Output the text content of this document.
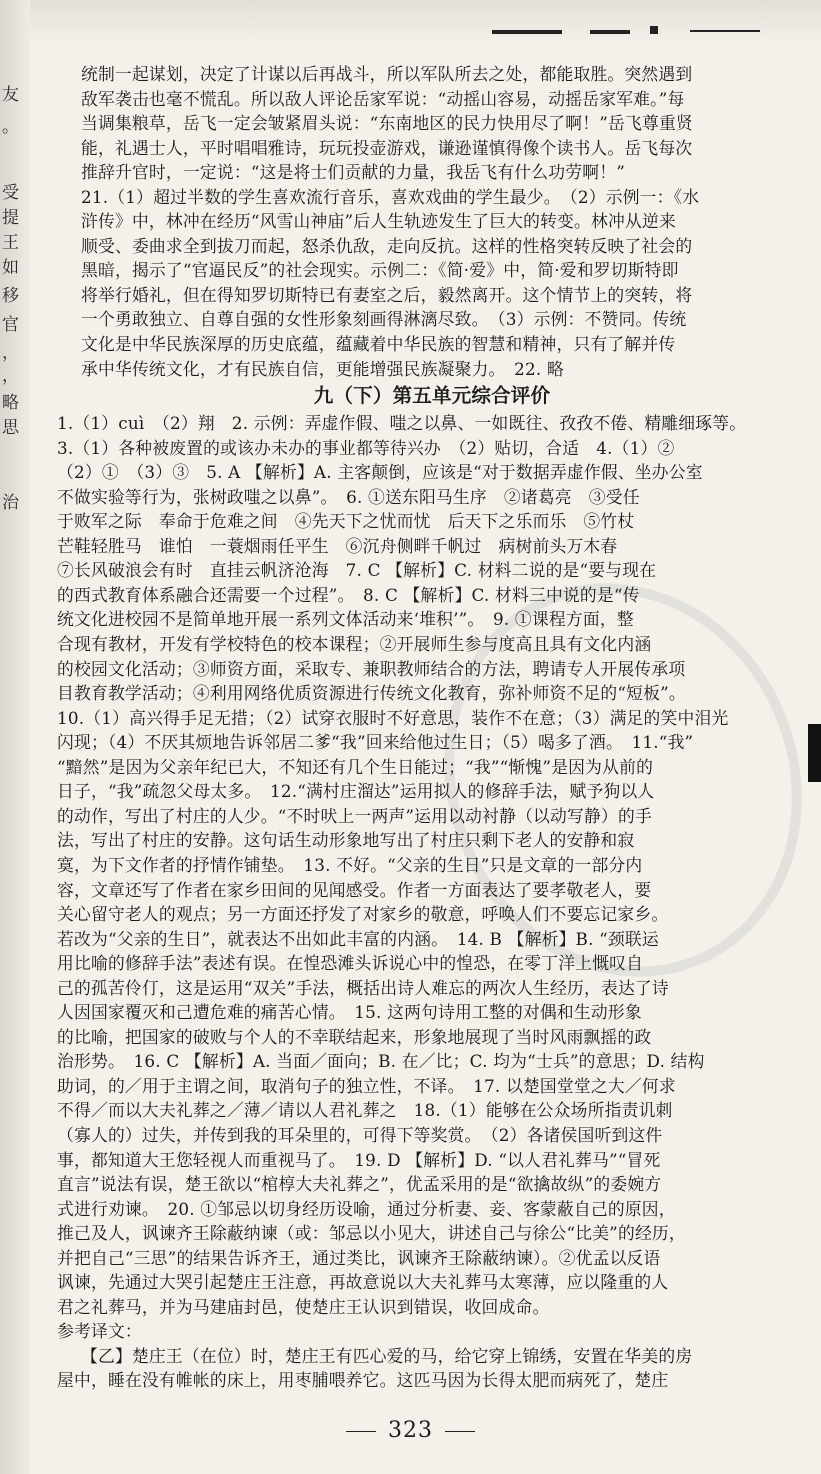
友
。
受
提
王
如
移
官
，
，
略
思
治
统制一起谋划，决定了计谋以后再战斗，所以军队所去之处，都能取胜。突然遇到
敌军袭击也毫不慌乱。所以敌人评论岳家军说：“动摇山容易，动摇岳家军难。”每
当调集粮草，岳飞一定会皱紧眉头说：“东南地区的民力快用尽了啊！”岳飞尊重贤
能，礼遇士人，平时唱唱雅诗，玩玩投壶游戏，谦逊谨慎得像个读书人。岳飞每次
推辞升官时，一定说：“这是将士们贡献的力量，我岳飞有什么功劳啊！”
21.（1）超过半数的学生喜欢流行音乐，喜欢戏曲的学生最少。　（2）示例一：《水
浒传》中，林冲在经历“风雪山神庙”后人生轨迹发生了巨大的转变。林冲从逆来
顺受、委曲求全到拔刀而起，怒杀仇敌，走向反抗。这样的性格突转反映了社会的
黑暗，揭示了“官逼民反”的社会现实。示例二：《简·爱》中，简·爱和罗切斯特即
将举行婚礼，但在得知罗切斯特已有妻室之后，毅然离开。这个情节上的突转，将
一个勇敢独立、自尊自强的女性形象刻画得淋漓尽致。　（3）示例：不赞同。传统
文化是中华民族深厚的历史底蕴，蕴藏着中华民族的智慧和精神，只有了解并传
承中华传统文化，才有民族自信，更能增强民族凝聚力。　22. 略
九（下）第五单元综合评价
1.（1）cuì　（2）翔　2. 示例：弄虚作假、嗤之以鼻、一如既往、孜孜不倦、精雕细琢等。
3.（1）各种被废置的或该办未办的事业都等待兴办　（2）贴切，合适　4.（1）②
（2）①　（3）③　5. A 【解析】A. 主客颠倒，应该是“对于数据弄虚作假、坐办公室
不做实验等行为，张树政嗤之以鼻”。　6. ①送东阳马生序　②诸葛亮　③受任
于败军之际　奉命于危难之间　④先天下之忧而忧　后天下之乐而乐　⑤竹杖
芒鞋轻胜马　谁怕　一蓑烟雨任平生　⑥沉舟侧畔千帆过　病树前头万木春
⑦长风破浪会有时　直挂云帆济沧海　7. C 【解析】C. 材料二说的是“要与现在
的西式教育体系融合还需要一个过程”。　8. C 【解析】C. 材料三中说的是“传
统文化进校园不是简单地开展一系列文体活动来‘堆积’”。　9. ①课程方面，整
合现有教材，开发有学校特色的校本课程；②开展师生参与度高且具有文化内涵
的校园文化活动；③师资方面，采取专、兼职教师结合的方法，聘请专人开展传承项
目教育教学活动；④利用网络优质资源进行传统文化教育，弥补师资不足的“短板”。
10.（1）高兴得手足无措；（2）试穿衣服时不好意思，装作不在意；（3）满足的笑中泪光
闪现；（4）不厌其烦地告诉邻居二爹“我”回来给他过生日；（5）喝多了酒。　11.“我”
“黯然”是因为父亲年纪已大，不知还有几个生日能过；“我”“惭愧”是因为从前的
日子，“我”疏忽父母太多。　12.“满村庄溜达”运用拟人的修辞手法，赋予狗以人
的动作，写出了村庄的人少。“不时吠上一两声”运用以动衬静（以动写静）的手
法，写出了村庄的安静。这句话生动形象地写出了村庄只剩下老人的安静和寂
寞，为下文作者的抒情作铺垫。　13. 不好。“父亲的生日”只是文章的一部分内
容，文章还写了作者在家乡田间的见闻感受。作者一方面表达了要孝敬老人，要
关心留守老人的观点；另一方面还抒发了对家乡的敬意，呼唤人们不要忘记家乡。
若改为“父亲的生日”，就表达不出如此丰富的内涵。　14. B 【解析】B. “颈联运
用比喻的修辞手法”表述有误。在惶恐滩头诉说心中的惶恐，在零丁洋上慨叹自
己的孤苦伶仃，这是运用“双关”手法，概括出诗人难忘的两次人生经历，表达了诗
人因国家覆灭和己遭危难的痛苦心情。　15. 这两句诗用工整的对偶和生动形象
的比喻，把国家的破败与个人的不幸联结起来，形象地展现了当时风雨飘摇的政
治形势。　16. C 【解析】A. 当面／面向；B. 在／比；C. 均为“士兵”的意思；D. 结构
助词，的／用于主谓之间，取消句子的独立性，不译。　17. 以楚国堂堂之大／何求
不得／而以大夫礼葬之／薄／请以人君礼葬之　18.（1）能够在公众场所指责讥刺
（寡人的）过失，并传到我的耳朵里的，可得下等奖赏。　（2）各诸侯国听到这件
事，都知道大王您轻视人而重视马了。　19. D 【解析】D. “以人君礼葬马”“冒死
直言”说法有误，楚王欲以“棺椁大夫礼葬之”，优孟采用的是“欲擒故纵”的委婉方
式进行劝谏。　20. ①邹忌以切身经历设喻，通过分析妻、妾、客蒙蔽自己的原因，
推己及人，讽谏齐王除蔽纳谏（或：邹忌以小见大，讲述自己与徐公“比美”的经历，
并把自己“三思”的结果告诉齐王，通过类比，讽谏齐王除蔽纳谏）。②优孟以反语
讽谏，先通过大哭引起楚庄王注意，再故意说以大夫礼葬马太寒薄，应以隆重的人
君之礼葬马，并为马建庙封邑，使楚庄王认识到错误，收回成命。
参考译文：
【乙】楚庄王（在位）时，楚庄王有匹心爱的马，给它穿上锦绣，安置在华美的房
屋中，睡在没有帷帐的床上，用枣脯喂养它。这匹马因为长得太肥而病死了，楚庄
323
